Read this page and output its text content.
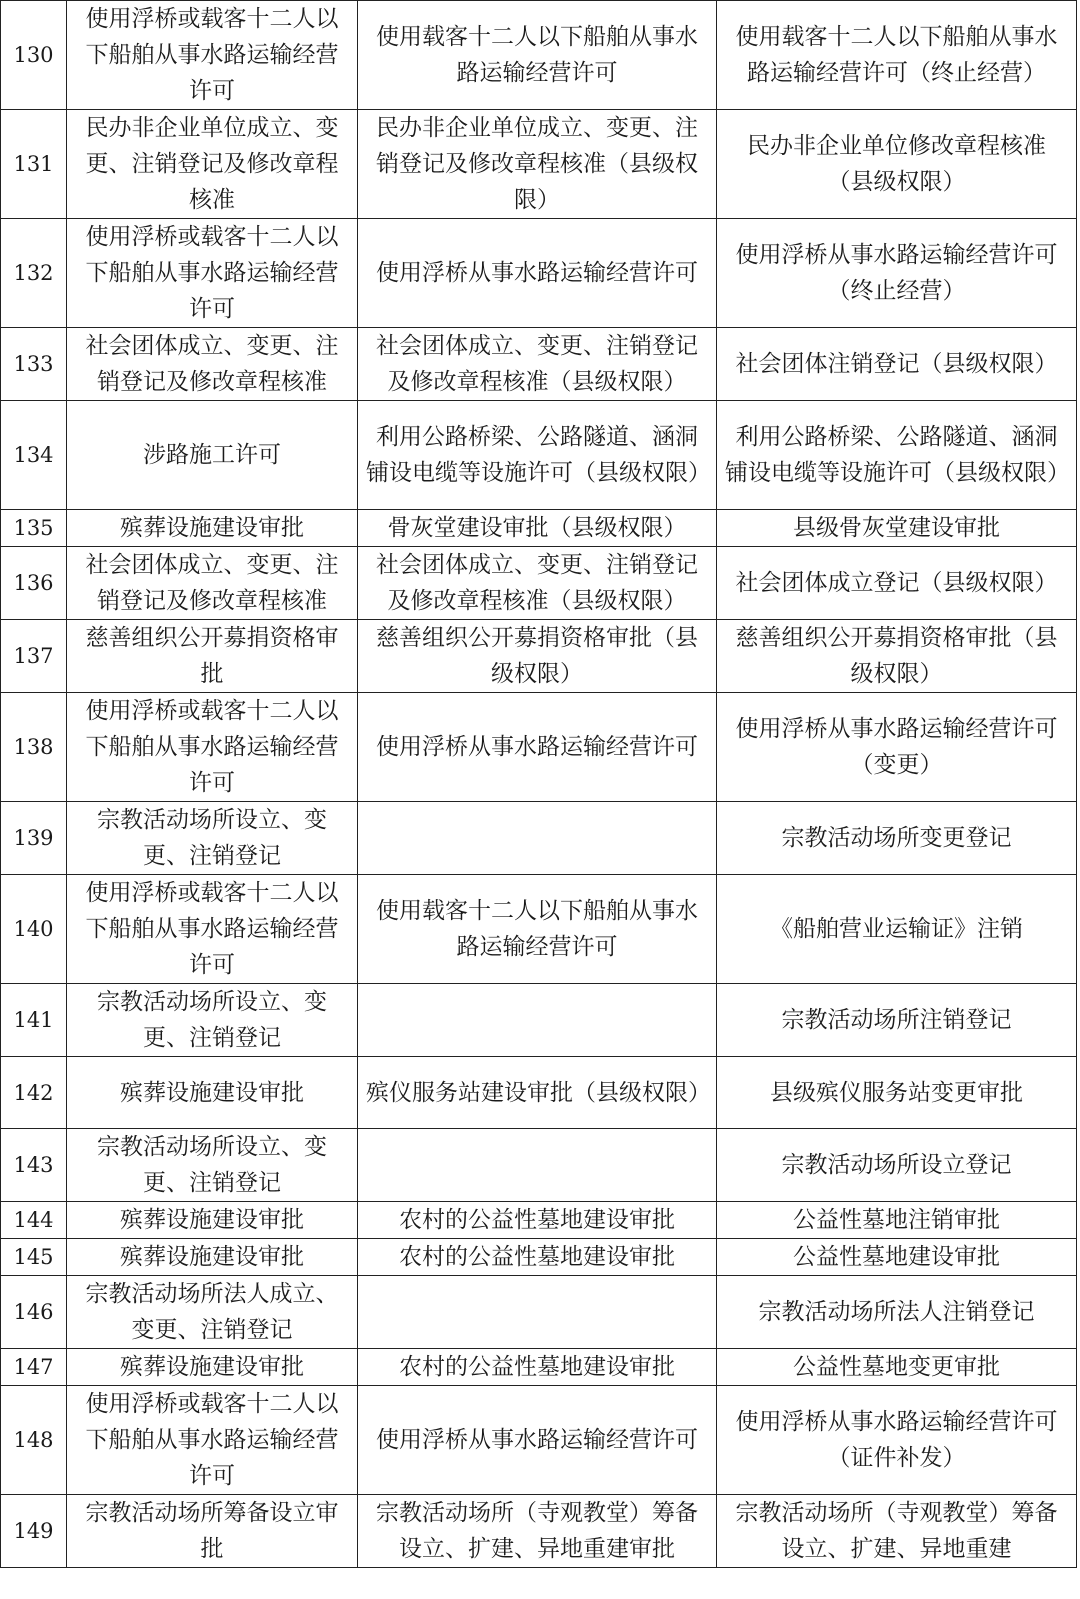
130	使用浮桥或载客十二人以下船舶从事水路运输经营许可	使用载客十二人以下船舶从事水路运输经营许可	使用载客十二人以下船舶从事水路运输经营许可（终止经营）
131	民办非企业单位成立、变更、注销登记及修改章程核准	民办非企业单位成立、变更、注销登记及修改章程核准（县级权限）	民办非企业单位修改章程核准（县级权限）
132	使用浮桥或载客十二人以下船舶从事水路运输经营许可	使用浮桥从事水路运输经营许可	使用浮桥从事水路运输经营许可（终止经营）
133	社会团体成立、变更、注销登记及修改章程核准	社会团体成立、变更、注销登记及修改章程核准（县级权限）	社会团体注销登记（县级权限）
134	涉路施工许可	利用公路桥梁、公路隧道、涵洞铺设电缆等设施许可（县级权限）	利用公路桥梁、公路隧道、涵洞铺设电缆等设施许可（县级权限）
135	殡葬设施建设审批	骨灰堂建设审批（县级权限）	县级骨灰堂建设审批
136	社会团体成立、变更、注销登记及修改章程核准	社会团体成立、变更、注销登记及修改章程核准（县级权限）	社会团体成立登记（县级权限）
137	慈善组织公开募捐资格审批	慈善组织公开募捐资格审批（县级权限）	慈善组织公开募捐资格审批（县级权限）
138	使用浮桥或载客十二人以下船舶从事水路运输经营许可	使用浮桥从事水路运输经营许可	使用浮桥从事水路运输经营许可（变更）
139	宗教活动场所设立、变更、注销登记		宗教活动场所变更登记
140	使用浮桥或载客十二人以下船舶从事水路运输经营许可	使用载客十二人以下船舶从事水路运输经营许可	《船舶营业运输证》注销
141	宗教活动场所设立、变更、注销登记		宗教活动场所注销登记
142	殡葬设施建设审批	殡仪服务站建设审批（县级权限）	县级殡仪服务站变更审批
143	宗教活动场所设立、变更、注销登记		宗教活动场所设立登记
144	殡葬设施建设审批	农村的公益性墓地建设审批	公益性墓地注销审批
145	殡葬设施建设审批	农村的公益性墓地建设审批	公益性墓地建设审批
146	宗教活动场所法人成立、变更、注销登记		宗教活动场所法人注销登记
147	殡葬设施建设审批	农村的公益性墓地建设审批	公益性墓地变更审批
148	使用浮桥或载客十二人以下船舶从事水路运输经营许可	使用浮桥从事水路运输经营许可	使用浮桥从事水路运输经营许可（证件补发）
149	宗教活动场所筹备设立审批	宗教活动场所（寺观教堂）筹备设立、扩建、异地重建审批	宗教活动场所（寺观教堂）筹备设立、扩建、异地重建
